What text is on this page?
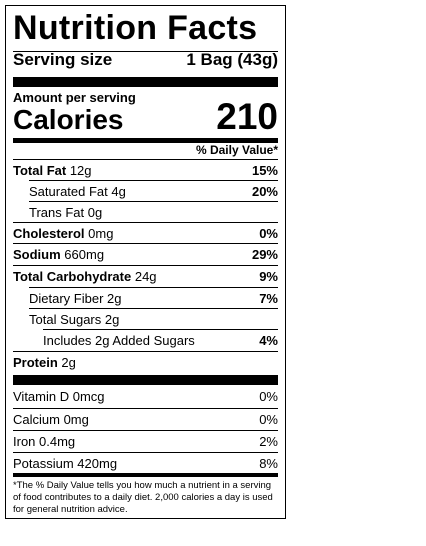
Nutrition Facts
Serving size	1 Bag (43g)
Amount per serving
Calories	210
% Daily Value*
Total Fat 12g	15%
Saturated Fat 4g	20%
Trans Fat 0g
Cholesterol 0mg	0%
Sodium 660mg	29%
Total Carbohydrate 24g	9%
Dietary Fiber 2g	7%
Total Sugars 2g
Includes 2g Added Sugars	4%
Protein 2g
Vitamin D 0mcg	0%
Calcium 0mg	0%
Iron 0.4mg	2%
Potassium 420mg	8%
*The % Daily Value tells you how much a nutrient in a serving of food contributes to a daily diet. 2,000 calories a day is used for general nutrition advice.
